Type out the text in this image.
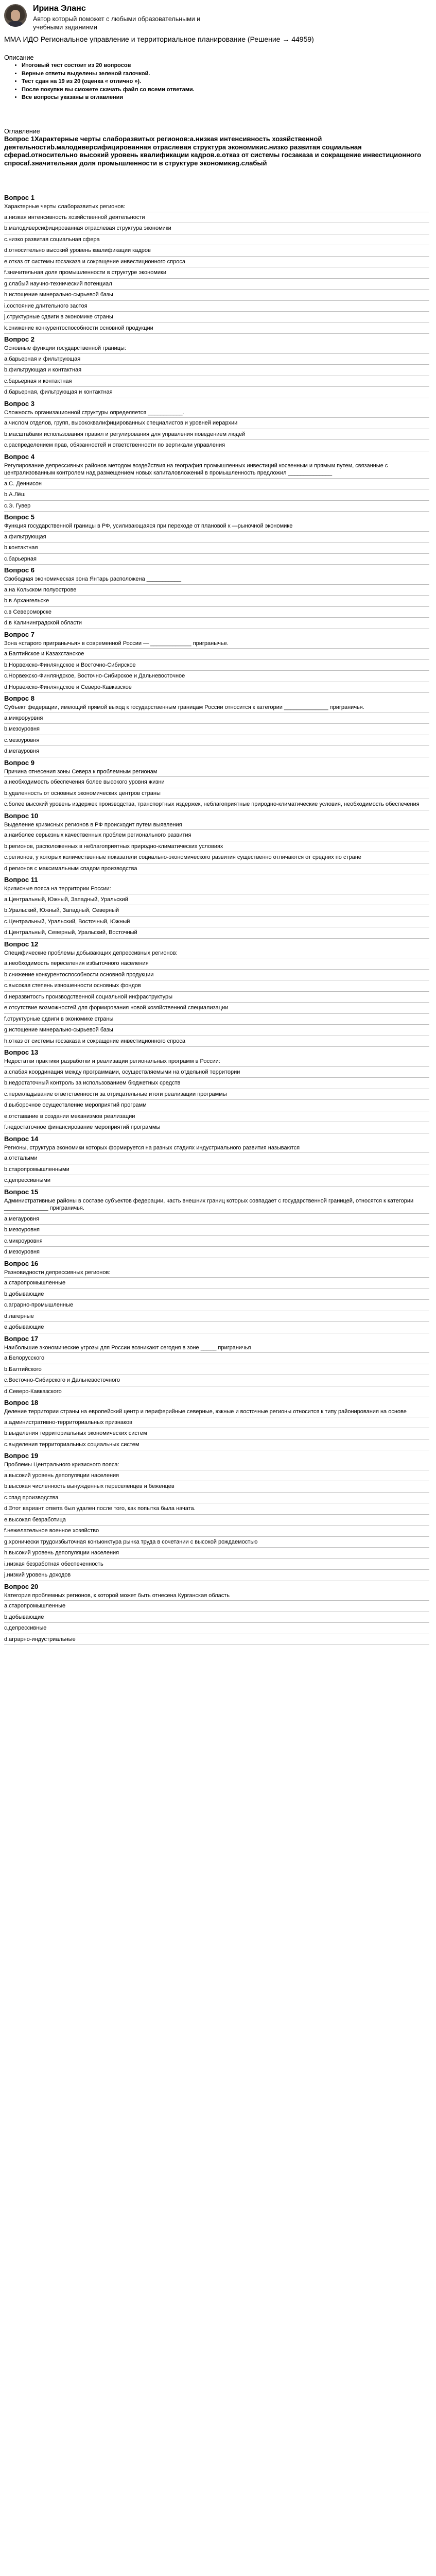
Ирина Эланс
Автор который поможет с любыми образовательными и учебными заданиями
ММА ИДО Региональное управление и территориальное планирование (Решение → 44959)
Описание
• Итоговый тест состоит из 20 вопросов
• Верные ответы выделены зеленой галочкой.
• Тест сдан на 19 из 20 (оценка « отлично »).
• После покупки вы сможете скачать файл со всеми ответами.
• Все вопросы указаны в оглавлении
Оглавление
Вопрос 1Характерные черты слаборазвитых регионов:a.низкая интенсивность хозяйственной деятельностиb.малодиверсифицированная отраслевая структура экономикиc.низко развитая социальная сферad.относительно высокий уровень квалификации кадров.e.отказ от системы госзаказа и сокращение инвестиционного спросаf.значительная доля промышленности в структуре экономикиg.слабый
Вопрос 1
Характерные черты слаборазвитых регионов:
a.низкая интенсивность хозяйственной деятельности
b.малодиверсифицированная отраслевая структура экономики
c.низко развитая социальная сфера
d.относительно высокий уровень квалификации кадров
e.отказ от системы госзаказа и сокращение инвестиционного спроса
f.значительная доля промышленности в структуре экономики
g.слабый научно-технический потенциал
h.истощение минерально-сырьевой базы
i.состояние длительного застоя
j.структурные сдвиги в экономике страны
k.снижение конкурентоспособности основной продукции
Вопрос 2
Основные функции государственной границы:
a.барьерная и фильтрующая
b.фильтрующая и контактная
c.барьерная и контактная
d.барьерная, фильтрующая и контактная
Вопрос 3
Сложность организационной структуры определяется ___________.
a.числом отделов, групп, высококвалифицированных специалистов и уровней иерархии
b.масштабами использования правил и регулирования для управления поведением людей
c.распределением прав, обязанностей и ответственности по вертикали управления
Вопрос 4
Регулирование депрессивных районов методом воздействия на география промышленных инвестиций косвенным и прямым путем, связанные с централизованным контролем над размещением новых капиталовложений в промышленность предложил ______________
a.С. Деннисон
b.А.Лёш
c.Э. Гувер
Вопрос 5
Функция государственной границы в РФ, усиливающаяся при переходе от плановой к —рыночной экономике
a.фильтрующая
b.контактная
c.барьерная
Вопрос 6
Свободная экономическая зона Янтарь расположена ___________
a.на Кольском полуострове
b.в Архангельске
c.в Североморске
d.в Калининградской области
Вопрос 7
Зона «старого пригранычья» в современной России — _____________ пригранычье.
a.Балтийское и Казахстанское
b.Норвежско-Финляндское и Восточно-Сибирское
c.Норвежско-Финляндское, Восточно-Сибирское и Дальневосточное
d.Норвежско-Финляндское и Северо-Кавказское
Вопрос 8
Субъект федерации, имеющий прямой выход к государственным границам России относится к категории ______________ приграничья.
a.микрорурвня
b.мезоуровня
c.мезоуровня
d.мегауровня
Вопрос 9
Причина отнесения зоны Севера к проблемным регионам
a.необходимость обеспечения более высокого уровня жизни
b.удаленность от основных экономических центров страны
c.более высокий уровень издержек производства, транспортных издержек, неблагоприятные природно-климатические условия, необходимость обеспечения
Вопрос 10
Выделение кризисных регионов в РФ происходит путем выявления
a.наиболее серьезных качественных проблем регионального развития
b.регионов, расположенных в неблагоприятных природно-климатических условиях
c.регионов, у которых количественные показатели социально-экономического развития существенно отличаются от средних по стране
d.регионов с максимальным спадом производства
Вопрос 11
Кризисные пояса на территории России:
a.Центральный, Южный, Западный, Уральский
b.Уральский, Южный, Западный, Северный
c.Центральный, Уральский, Восточный, Южный
d.Центральный, Северный, Уральский, Восточный
Вопрос 12
Специфические проблемы добывающих депрессивных регионов:
a.необходимость переселения избыточного населения
b.снижение конкурентоспособности основной продукции
c.высокая степень изношенности основных фондов
d.неразвитость производственной социальной инфраструктуры
e.отсутствие возможностей для формирования новой хозяйственной специализации
f.структурные сдвиги в экономике страны
g.истощение минерально-сырьевой базы
h.отказ от системы госзаказа и сокращение инвестиционного спроса
Вопрос 13
Недостатки практики разработки и реализации региональных программ в России:
a.слабая координация между программами, осуществляемыми на отдельной территории
b.недостаточный контроль за использованием бюджетных средств
c.перекладывание ответственности за отрицательные итоги реализации программы
d.выборочное осуществление мероприятий программ
e.отставание в создании механизмов реализации
f.недостаточное финансирование мероприятий программы
Вопрос 14
Регионы, структура экономики которых формируется на разных стадиях индустриального развития называются
a.отсталыми
b.старопромышленными
c.депрессивными
Вопрос 15
Административные районы в составе субъектов федерации, часть внешних границ которых совпадает с государственной границей, относятся к категории ______________ приграничья.
a.мегауровня
b.мезоуровня
c.микроуровня
d.мезоуровня
Вопрос 16
Разновидности депрессивных регионов:
a.старопромышленные
b.добывающие
c.аграрно-промышленные
d.лагерные
e.добывающие
Вопрос 17
Наибольшие экономические угрозы для России возникают сегодня в зоне _____ приграничья
a.Белорусского
b.Балтийского
c.Восточно-Сибирского и Дальневосточного
d.Северо-Кавказского
Вопрос 18
Деление территории страны на европейский центр и периферийные северные, южные и восточные регионы относится к типу районирования на основе
a.административно-территориальных признаков
b.выделения территориальных экономических систем
c.выделения территориальных социальных систем
Вопрос 19
Проблемы Центрального кризисного пояса:
a.высокий уровень депопуляции населения
b.высокая численность вынужденных переселенцев и беженцев
c.спад производства
d.Этот вариант ответа был удален после того, как попытка была начата.
e.высокая безработица
f.нежелательное военное хозяйство
g.хронически трудоизбыточная конъюнктура рынка труда в сочетании с высокой рождаемостью
h.высокий уровень депопуляции населения
i.низкая безработная обеспеченность
j.низкий уровень доходов
Вопрос 20
Категория проблемных регионов, к которой может быть отнесена Курганская область
a.старопромышленные
b.добывающие
c.депрессивные
d.аграрно-индустриальные
